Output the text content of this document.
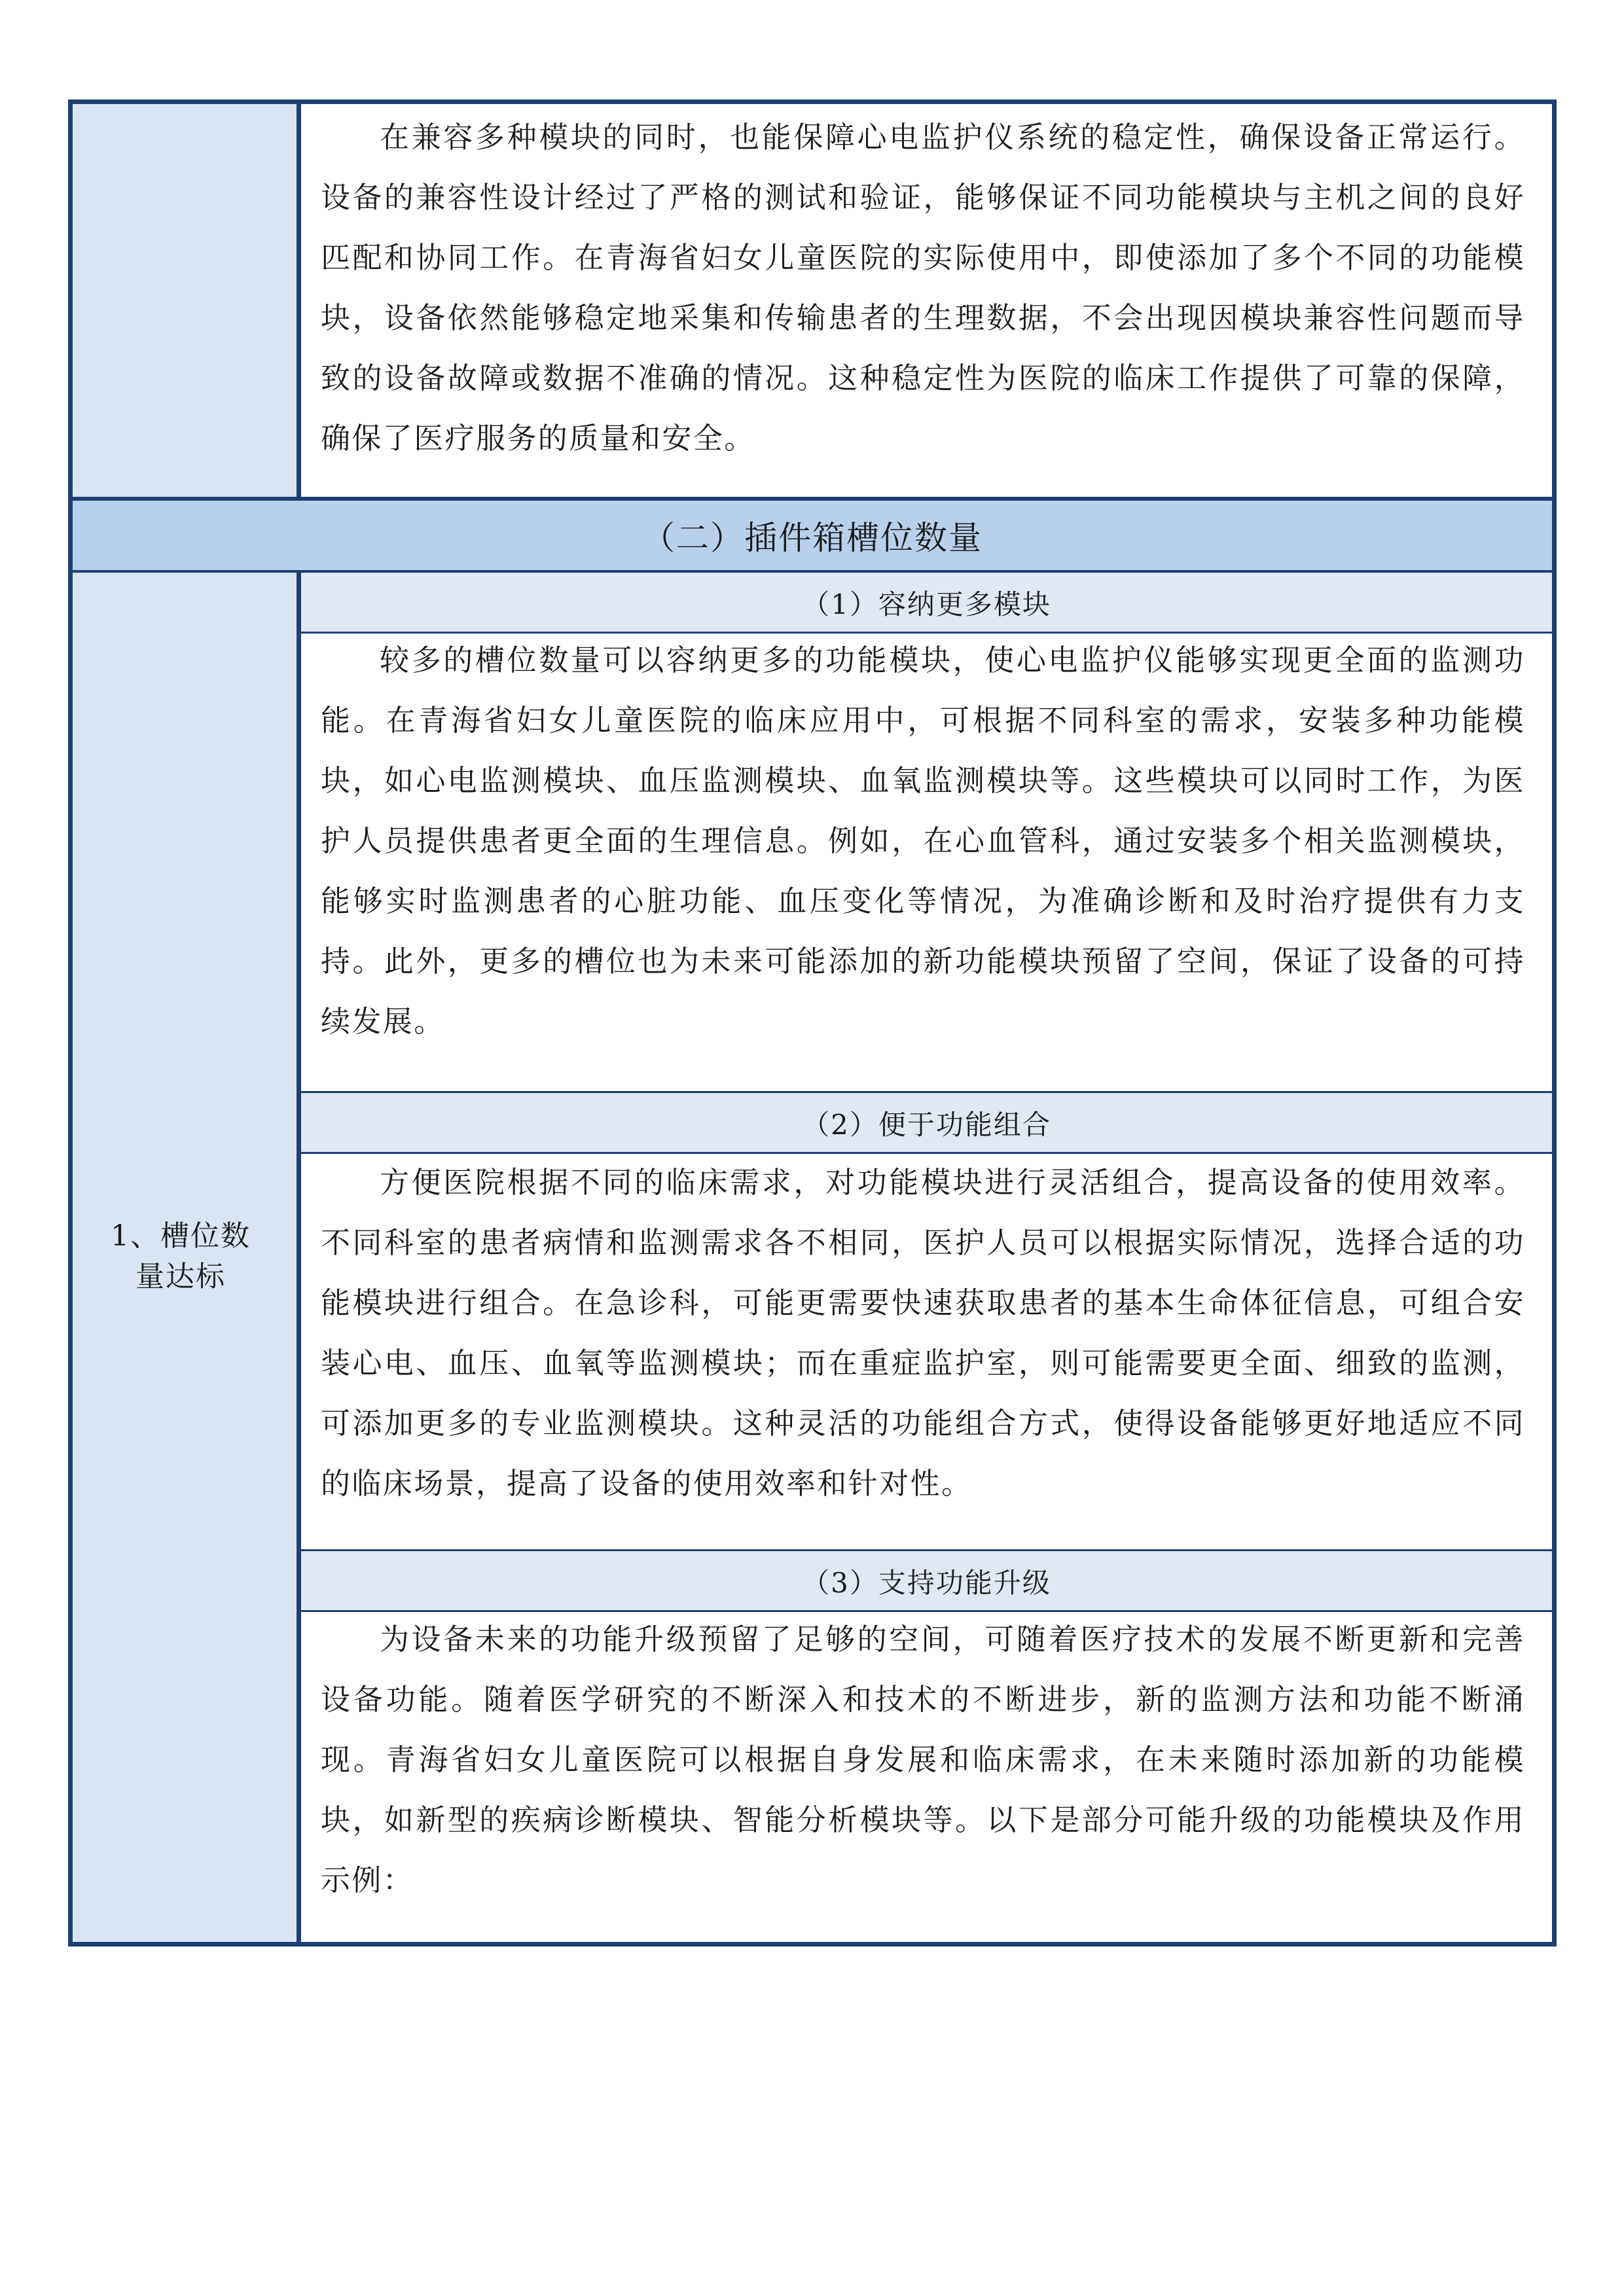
（二）插件箱槽位数量
（1）容纳更多模块
（2）便于功能组合
（3）支持功能升级
1、槽位数
量达标

在兼容多种模块的同时，也能保障心电监护仪系统的稳定性，确保设备正常运行。设备的兼容性设计经过了严格的测试和验证，能够保证不同功能模块与主机之间的良好匹配和协同工作。在青海省妇女儿童医院的实际使用中，即使添加了多个不同的功能模块，设备依然能够稳定地采集和传输患者的生理数据，不会出现因模块兼容性问题而导致的设备故障或数据不准确的情况。这种稳定性为医院的临床工作提供了可靠的保障，确保了医疗服务的质量和安全。

较多的槽位数量可以容纳更多的功能模块，使心电监护仪能够实现更全面的监测功能。在青海省妇女儿童医院的临床应用中，可根据不同科室的需求，安装多种功能模块，如心电监测模块、血压监测模块、血氧监测模块等。这些模块可以同时工作，为医护人员提供患者更全面的生理信息。例如，在心血管科，通过安装多个相关监测模块，能够实时监测患者的心脏功能、血压变化等情况，为准确诊断和及时治疗提供有力支持。此外，更多的槽位也为未来可能添加的新功能模块预留了空间，保证了设备的可持续发展。

方便医院根据不同的临床需求，对功能模块进行灵活组合，提高设备的使用效率。不同科室的患者病情和监测需求各不相同，医护人员可以根据实际情况，选择合适的功能模块进行组合。在急诊科，可能更需要快速获取患者的基本生命体征信息，可组合安装心电、血压、血氧等监测模块；而在重症监护室，则可能需要更全面、细致的监测，可添加更多的专业监测模块。这种灵活的功能组合方式，使得设备能够更好地适应不同的临床场景，提高了设备的使用效率和针对性。

为设备未来的功能升级预留了足够的空间，可随着医疗技术的发展不断更新和完善设备功能。随着医学研究的不断深入和技术的不断进步，新的监测方法和功能不断涌现。青海省妇女儿童医院可以根据自身发展和临床需求，在未来随时添加新的功能模块，如新型的疾病诊断模块、智能分析模块等。以下是部分可能升级的功能模块及作用示例：
